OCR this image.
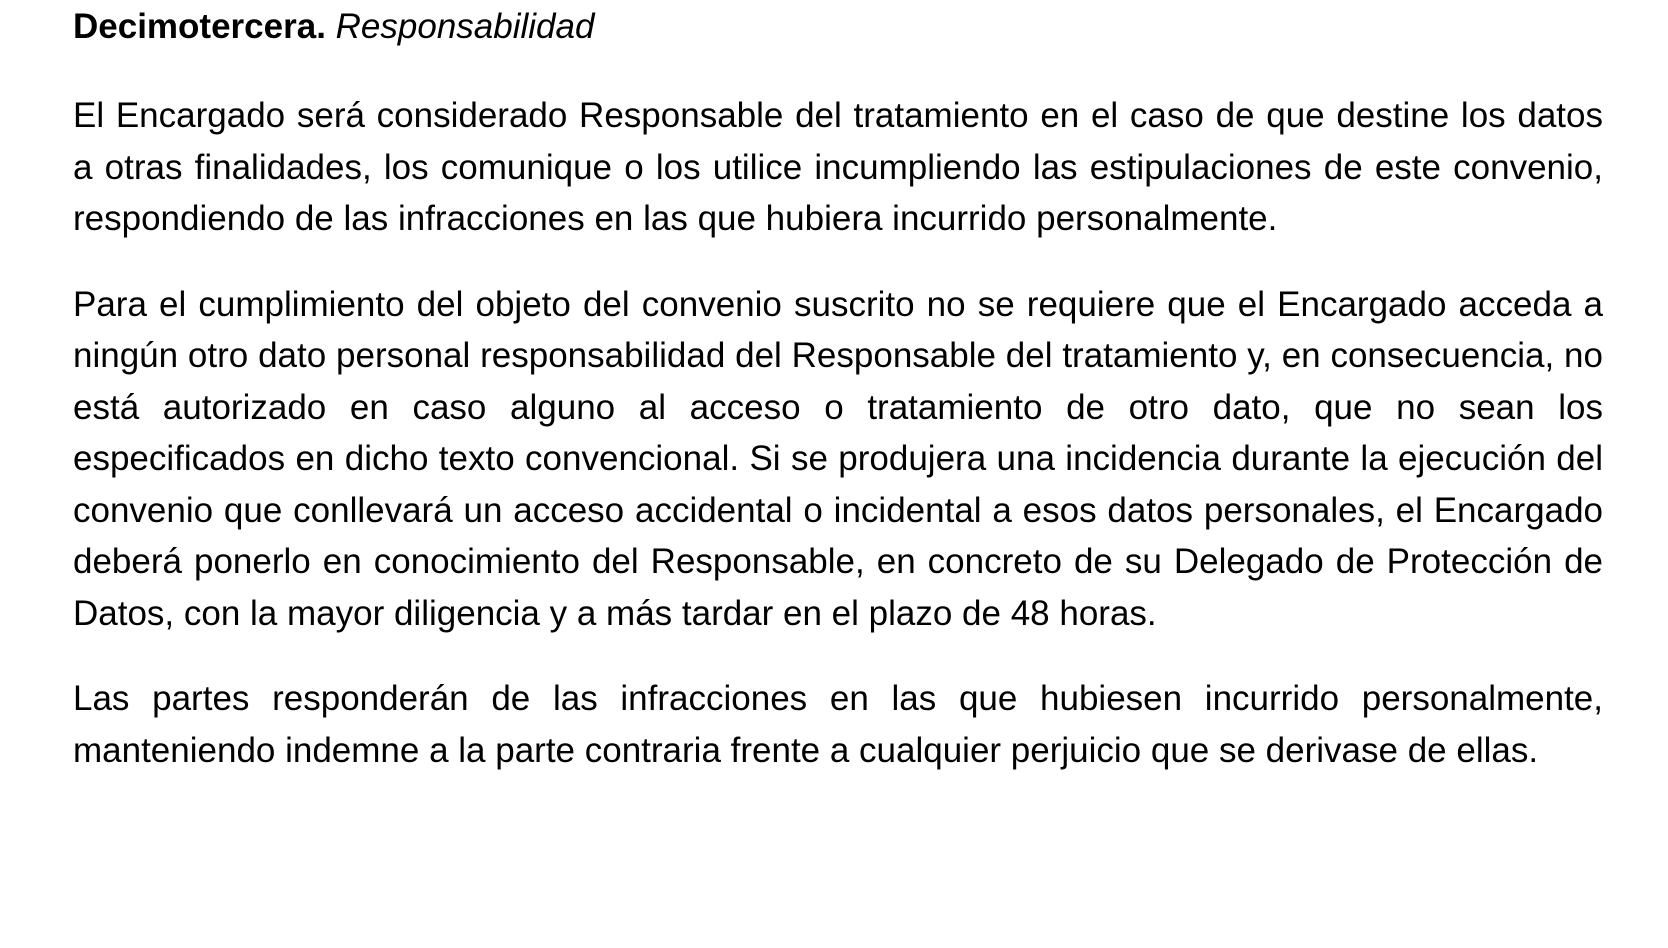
Decimotercera. Responsabilidad

El Encargado será considerado Responsable del tratamiento en el caso de que destine los datos a otras finalidades, los comunique o los utilice incumpliendo las estipulaciones de este convenio, respondiendo de las infracciones en las que hubiera incurrido personalmente.

Para el cumplimiento del objeto del convenio suscrito no se requiere que el Encargado acceda a ningún otro dato personal responsabilidad del Responsable del tratamiento y, en consecuencia, no está autorizado en caso alguno al acceso o tratamiento de otro dato, que no sean los especificados en dicho texto convencional. Si se produjera una incidencia durante la ejecución del convenio que conllevará un acceso accidental o incidental a esos datos personales, el Encargado deberá ponerlo en conocimiento del Responsable, en concreto de su Delegado de Protección de Datos, con la mayor diligencia y a más tardar en el plazo de 48 horas.

Las partes responderán de las infracciones en las que hubiesen incurrido personalmente, manteniendo indemne a la parte contraria frente a cualquier perjuicio que se derivase de ellas.
